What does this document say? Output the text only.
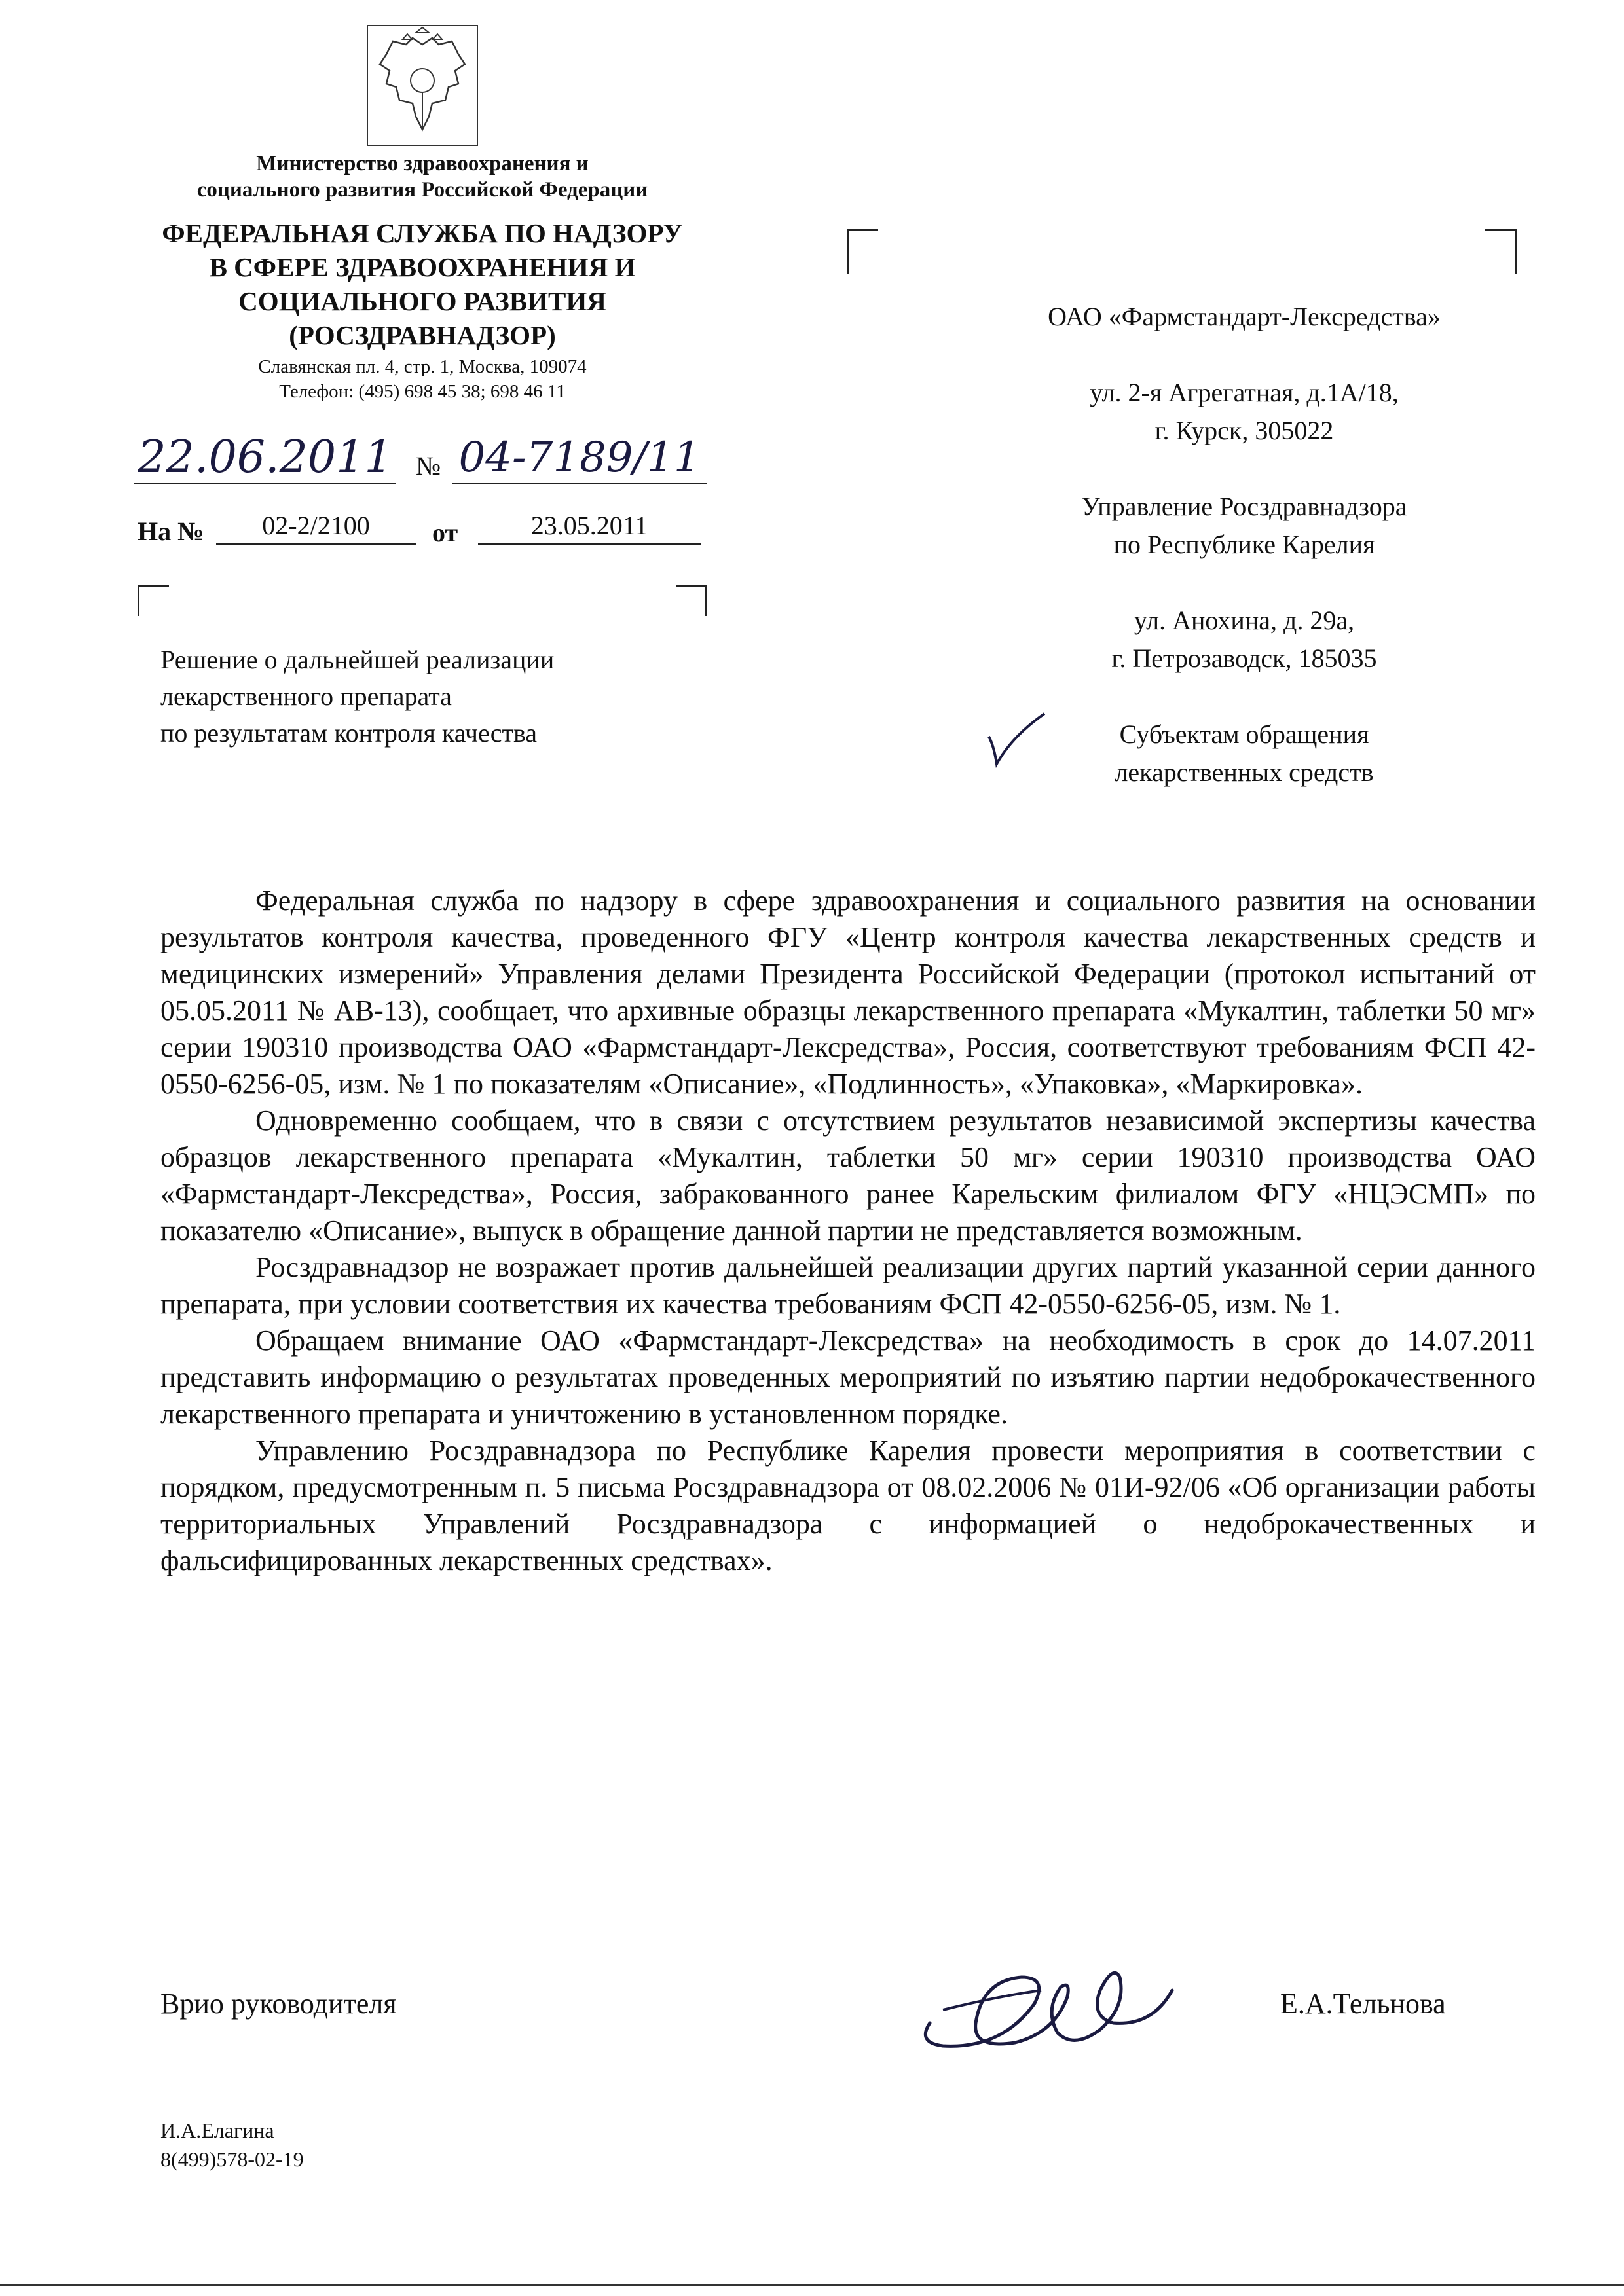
Министерство здравоохранения и
социального развития Российской Федерации
ФЕДЕРАЛЬНАЯ СЛУЖБА ПО НАДЗОРУ
В СФЕРЕ ЗДРАВООХРАНЕНИЯ И
СОЦИАЛЬНОГО РАЗВИТИЯ
(РОСЗДРАВНАДЗОР)
Славянская пл. 4, стр. 1, Москва, 109074
Телефон: (495) 698 45 38; 698 46 11
22.06.2011 № 04-7189/11
На №	02-2/2100	от	23.05.2011
Решение о дальнейшей реализации
лекарственного препарата
по результатам контроля качества
ОАО «Фармстандарт-Лексредства»
ул. 2-я Агрегатная, д.1А/18,
г. Курск, 305022
Управление Росздравнадзора
по Республике Карелия
ул. Анохина, д. 29а,
г. Петрозаводск, 185035
Субъектам обращения
лекарственных средств

Федеральная служба по надзору в сфере здравоохранения и социального развития на основании результатов контроля качества, проведенного ФГУ «Центр контроля качества лекарственных средств и медицинских измерений» Управления делами Президента Российской Федерации (протокол испытаний от 05.05.2011 № АВ-13), сообщает, что архивные образцы лекарственного препарата «Мукалтин, таблетки 50 мг» серии 190310 производства ОАО «Фармстандарт-Лексредства», Россия, соответствуют требованиям ФСП 42-0550-6256-05, изм. № 1 по показателям «Описание», «Подлинность», «Упаковка», «Маркировка».

Одновременно сообщаем, что в связи с отсутствием результатов независимой экспертизы качества образцов лекарственного препарата «Мукалтин, таблетки 50 мг» серии 190310 производства ОАО «Фармстандарт-Лексредства», Россия, забракованного ранее Карельским филиалом ФГУ «НЦЭСМП» по показателю «Описание», выпуск в обращение данной партии не представляется возможным.

Росздравнадзор не возражает против дальнейшей реализации других партий указанной серии данного препарата, при условии соответствия их качества требованиям ФСП 42-0550-6256-05, изм. № 1.

Обращаем внимание ОАО «Фармстандарт-Лексредства» на необходимость в срок до 14.07.2011 представить информацию о результатах проведенных мероприятий по изъятию партии недоброкачественного лекарственного препарата и уничтожению в установленном порядке.

Управлению Росздравнадзора по Республике Карелия провести мероприятия в соответствии с порядком, предусмотренным п. 5 письма Росздравнадзора от 08.02.2006 № 01И-92/06 «Об организации работы территориальных Управлений Росздравнадзора с информацией о недоброкачественных и фальсифицированных лекарственных средствах».

Врио руководителя	Е.А.Тельнова
И.А.Елагина
8(499)578-02-19
